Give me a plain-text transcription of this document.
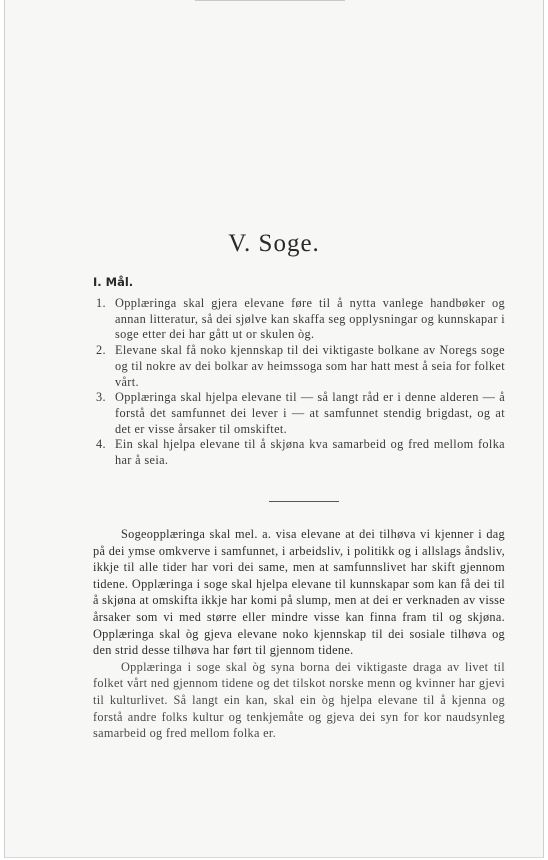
V. Soge.
I. Mål.
1. Opplæringa skal gjera elevane føre til å nytta vanlege handbøker og annan litteratur, så dei sjølve kan skaffa seg opplysningar og kunnskapar i soge etter dei har gått ut or skulen òg.
2. Elevane skal få noko kjennskap til dei viktigaste bolkane av Noregs soge og til nokre av dei bolkar av heimssoga som har hatt mest å seia for folket vårt.
3. Opplæringa skal hjelpa elevane til — så langt råd er i denne alderen — å forstå det samfunnet dei lever i — at samfunnet stendig brigdast, og at det er visse årsaker til omskiftet.
4. Ein skal hjelpa elevane til å skjøna kva samarbeid og fred mellom folka har å seia.

Sogeopplæringa skal mel. a. visa elevane at dei tilhøva vi kjenner i dag på dei ymse omkverve i samfunnet, i arbeidsliv, i politikk og i allslags åndsliv, ikkje til alle tider har vori dei same, men at samfunnslivet har skift gjennom tidene. Opplæringa i soge skal hjelpa elevane til kunnskapar som kan få dei til å skjøna at omskifta ikkje har komi på slump, men at dei er verknaden av visse årsaker som vi med større eller mindre visse kan finna fram til og skjøna. Opplæringa skal òg gjeva elevane noko kjennskap til dei sosiale tilhøva og den strid desse tilhøva har ført til gjennom tidene.

Opplæringa i soge skal òg syna borna dei viktigaste draga av livet til folket vårt ned gjennom tidene og det tilskot norske menn og kvinner har gjevi til kulturlivet. Så langt ein kan, skal ein òg hjelpa elevane til å kjenna og forstå andre folks kultur og tenkjemåte og gjeva dei syn for kor naudsynleg samarbeid og fred mellom folka er.
